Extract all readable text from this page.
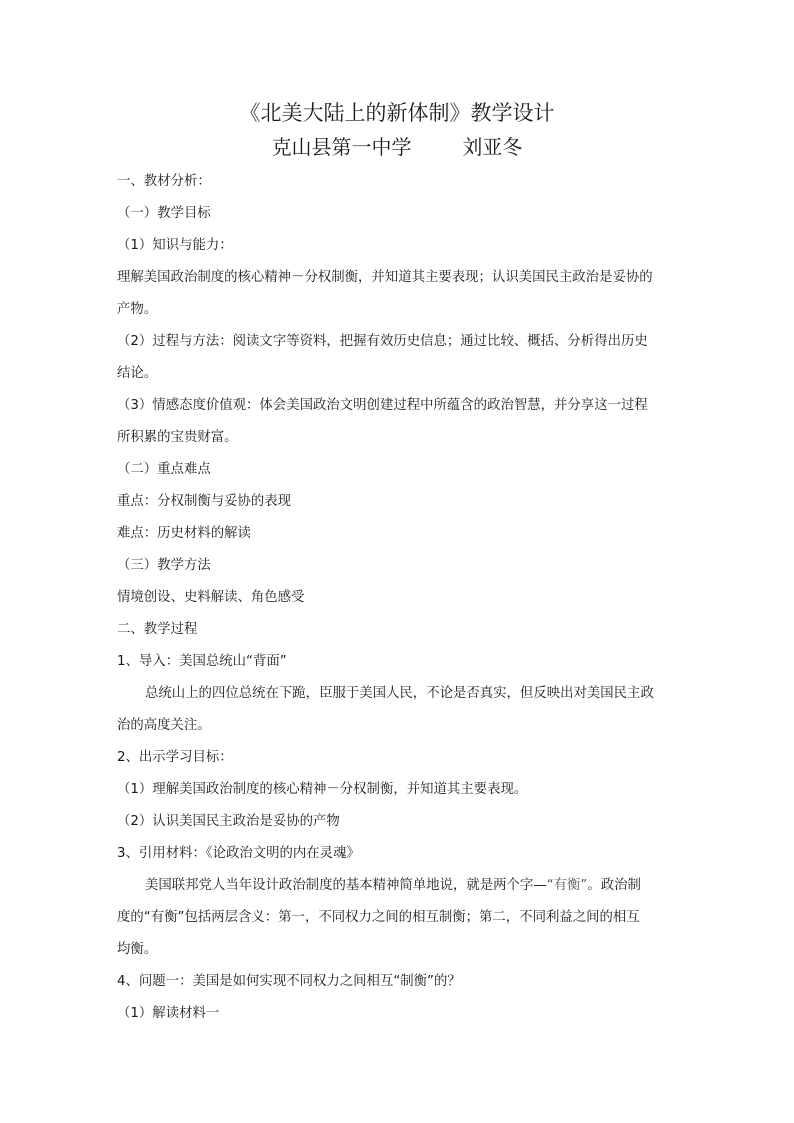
《北美大陆上的新体制》教学设计
克山县第一中学        刘亚冬
一、教材分析：
（一）教学目标
（1）知识与能力：
理解美国政治制度的核心精神－分权制衡，并知道其主要表现；认识美国民主政治是妥协的
产物。
（2）过程与方法：阅读文字等资料，把握有效历史信息；通过比较、概括、分析得出历史
结论。
（3）情感态度价值观：体会美国政治文明创建过程中所蕴含的政治智慧，并分享这一过程
所积累的宝贵财富。
（二）重点难点
重点：分权制衡与妥协的表现
难点：历史材料的解读
（三）教学方法
情境创设、史料解读、角色感受
二、教学过程
1、导入：美国总统山“背面”
总统山上的四位总统在下跪，臣服于美国人民，不论是否真实，但反映出对美国民主政
治的高度关注。
2、出示学习目标：
（1）理解美国政治制度的核心精神－分权制衡，并知道其主要表现。
（2）认识美国民主政治是妥协的产物
3、引用材料：《论政治文明的内在灵魂》
美国联邦党人当年设计政治制度的基本精神简单地说，就是两个字—“有衡”。政治制
度的“有衡”包括两层含义：第一，不同权力之间的相互制衡；第二，不同利益之间的相互
均衡。
4、问题一：美国是如何实现不同权力之间相互“制衡”的？
（1）解读材料一
